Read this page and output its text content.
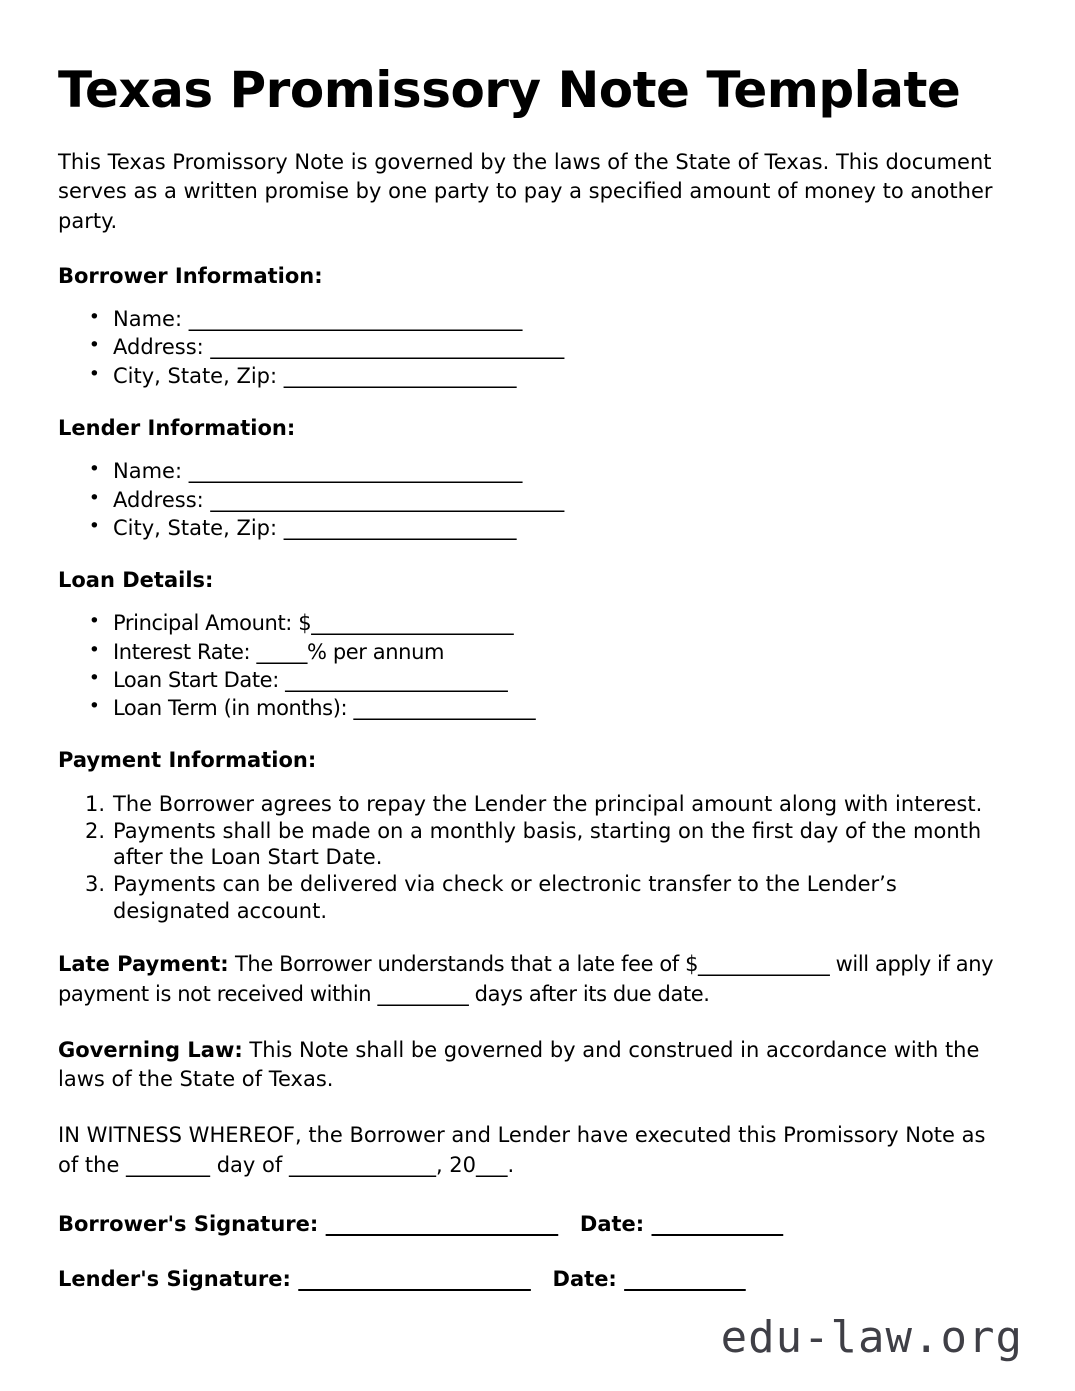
Texas Promissory Note Template

This Texas Promissory Note is governed by the laws of the State of Texas. This document serves as a written promise by one party to pay a specified amount of money to another party.

Borrower Information:
• Name: _________________________________
• Address: ___________________________________
• City, State, Zip: _______________________
Lender Information:
• Name: _________________________________
• Address: ___________________________________
• City, State, Zip: _______________________
Loan Details:
• Principal Amount: $____________________
• Interest Rate: _____% per annum
• Loan Start Date: ______________________
• Loan Term (in months): __________________
Payment Information:
1. The Borrower agrees to repay the Lender the principal amount along with interest.
2. Payments shall be made on a monthly basis, starting on the first day of the month after the Loan Start Date.
3. Payments can be delivered via check or electronic transfer to the Lender’s designated account.

Late Payment: The Borrower understands that a late fee of $_____________ will apply if any payment is not received within _________ days after its due date.

Governing Law: This Note shall be governed by and construed in accordance with the laws of the State of Texas.

IN WITNESS WHEREOF, the Borrower and Lender have executed this Promissory Note as of the ________ day of ______________, 20___.

Borrower's Signature: _______________________ Date: _____________

Lender's Signature: _______________________ Date: ____________

edu-law.org
